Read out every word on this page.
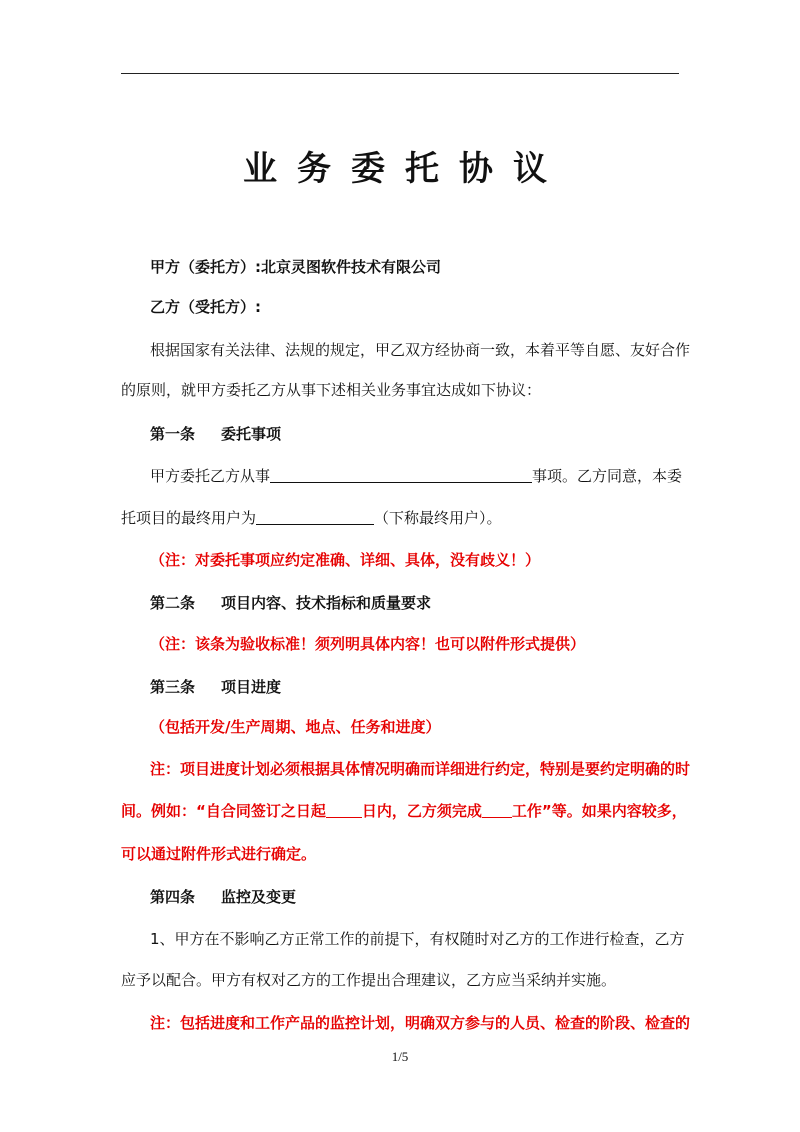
业务委托协议
甲方（委托方）:北京灵图软件技术有限公司
乙方（受托方）:
根据国家有关法律、法规的规定，甲乙双方经协商一致，本着平等自愿、友好合作
的原则，就甲方委托乙方从事下述相关业务事宜达成如下协议：
第一条 委托事项
甲方委托乙方从事	事项。乙方同意，本委
托项目的最终用户为	（下称最终用户）。
（注：对委托事项应约定准确、详细、具体，没有歧义！）
第二条 项目内容、技术指标和质量要求
（注：该条为验收标准！须列明具体内容！也可以附件形式提供）
第三条 项目进度
（包括开发/生产周期、地点、任务和进度）
注：项目进度计划必须根据具体情况明确而详细进行约定，特别是要约定明确的时
间。例如：“自合同签订之日起 日内，乙方须完成 工作”等。如果内容较多，
可以通过附件形式进行确定。
第四条 监控及变更
1、甲方在不影响乙方正常工作的前提下，有权随时对乙方的工作进行检查，乙方
应予以配合。甲方有权对乙方的工作提出合理建议，乙方应当采纳并实施。
注：包括进度和工作产品的监控计划，明确双方参与的人员、检查的阶段、检查的
1/5
